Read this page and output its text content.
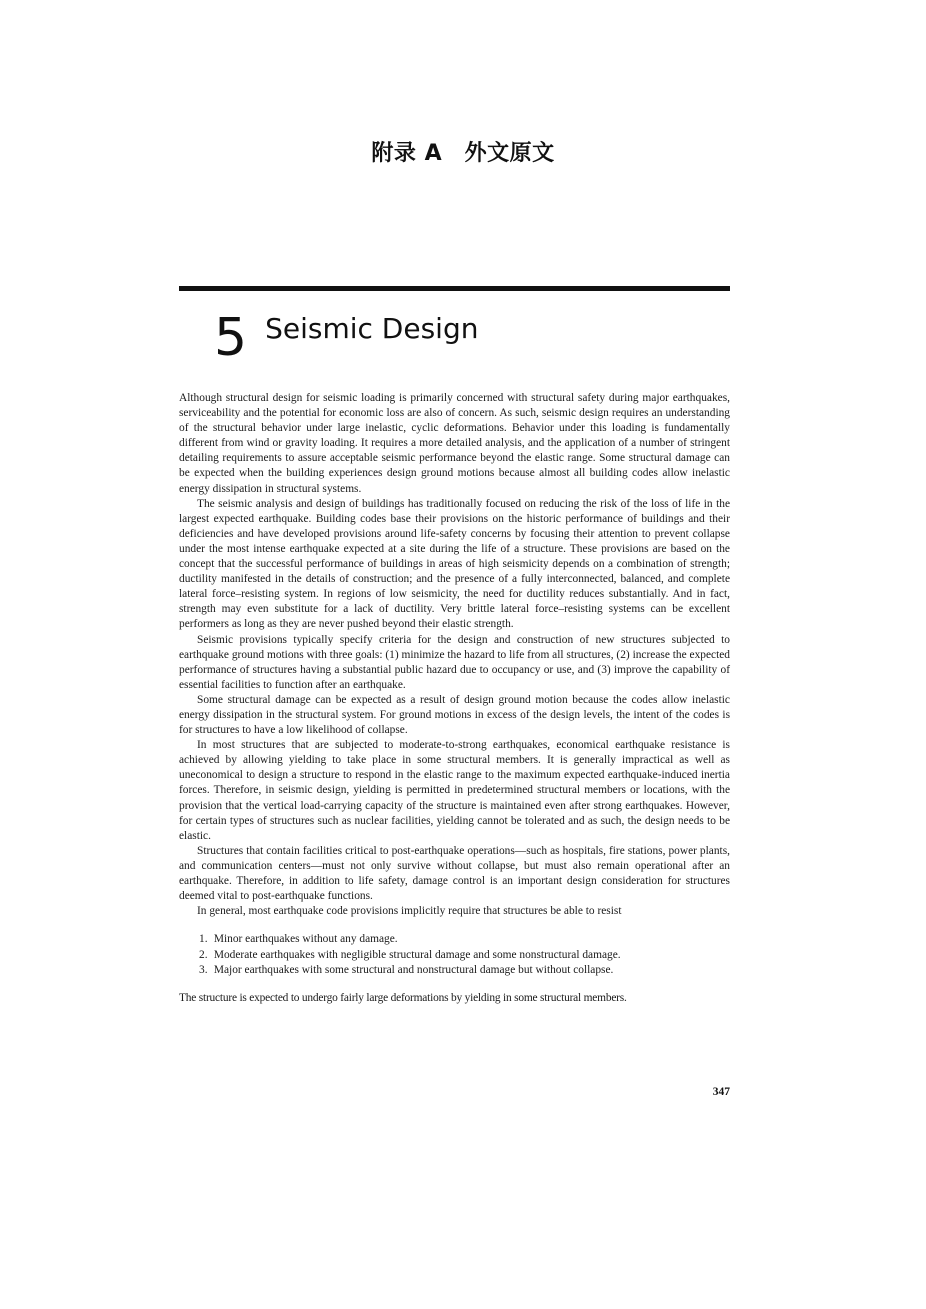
附录 A　外文原文
5 Seismic Design

Although structural design for seismic loading is primarily concerned with structural safety during major earthquakes, serviceability and the potential for economic loss are also of concern. As such, seismic design requires an understanding of the structural behavior under large inelastic, cyclic deformations. Behavior under this loading is fundamentally different from wind or gravity loading. It requires a more detailed analysis, and the application of a number of stringent detailing requirements to assure acceptable seismic performance beyond the elastic range. Some structural damage can be expected when the building experiences design ground motions because almost all building codes allow inelastic energy dissipation in structural systems.

The seismic analysis and design of buildings has traditionally focused on reducing the risk of the loss of life in the largest expected earthquake. Building codes base their provisions on the historic performance of buildings and their deficiencies and have developed provisions around life-safety concerns by focusing their attention to prevent collapse under the most intense earthquake expected at a site during the life of a structure. These provisions are based on the concept that the successful performance of buildings in areas of high seismicity depends on a combination of strength; ductility manifested in the details of construction; and the presence of a fully interconnected, balanced, and complete lateral force–resisting system. In regions of low seismicity, the need for ductility reduces substantially. And in fact, strength may even substitute for a lack of ductility. Very brittle lateral force–resisting systems can be excellent performers as long as they are never pushed beyond their elastic strength.

Seismic provisions typically specify criteria for the design and construction of new structures subjected to earthquake ground motions with three goals: (1) minimize the hazard to life from all structures, (2) increase the expected performance of structures having a substantial public hazard due to occupancy or use, and (3) improve the capability of essential facilities to function after an earthquake.

Some structural damage can be expected as a result of design ground motion because the codes allow inelastic energy dissipation in the structural system. For ground motions in excess of the design levels, the intent of the codes is for structures to have a low likelihood of collapse.

In most structures that are subjected to moderate-to-strong earthquakes, economical earthquake resistance is achieved by allowing yielding to take place in some structural members. It is generally impractical as well as uneconomical to design a structure to respond in the elastic range to the maximum expected earthquake-induced inertia forces. Therefore, in seismic design, yielding is permitted in predetermined structural members or locations, with the provision that the vertical load-carrying capacity of the structure is maintained even after strong earthquakes. However, for certain types of structures such as nuclear facilities, yielding cannot be tolerated and as such, the design needs to be elastic.

Structures that contain facilities critical to post-earthquake operations—such as hospitals, fire stations, power plants, and communication centers—must not only survive without collapse, but must also remain operational after an earthquake. Therefore, in addition to life safety, damage control is an important design consideration for structures deemed vital to post-earthquake functions.

In general, most earthquake code provisions implicitly require that structures be able to resist

1. Minor earthquakes without any damage.
2. Moderate earthquakes with negligible structural damage and some nonstructural damage.
3. Major earthquakes with some structural and nonstructural damage but without collapse.

The structure is expected to undergo fairly large deformations by yielding in some structural members.

347
